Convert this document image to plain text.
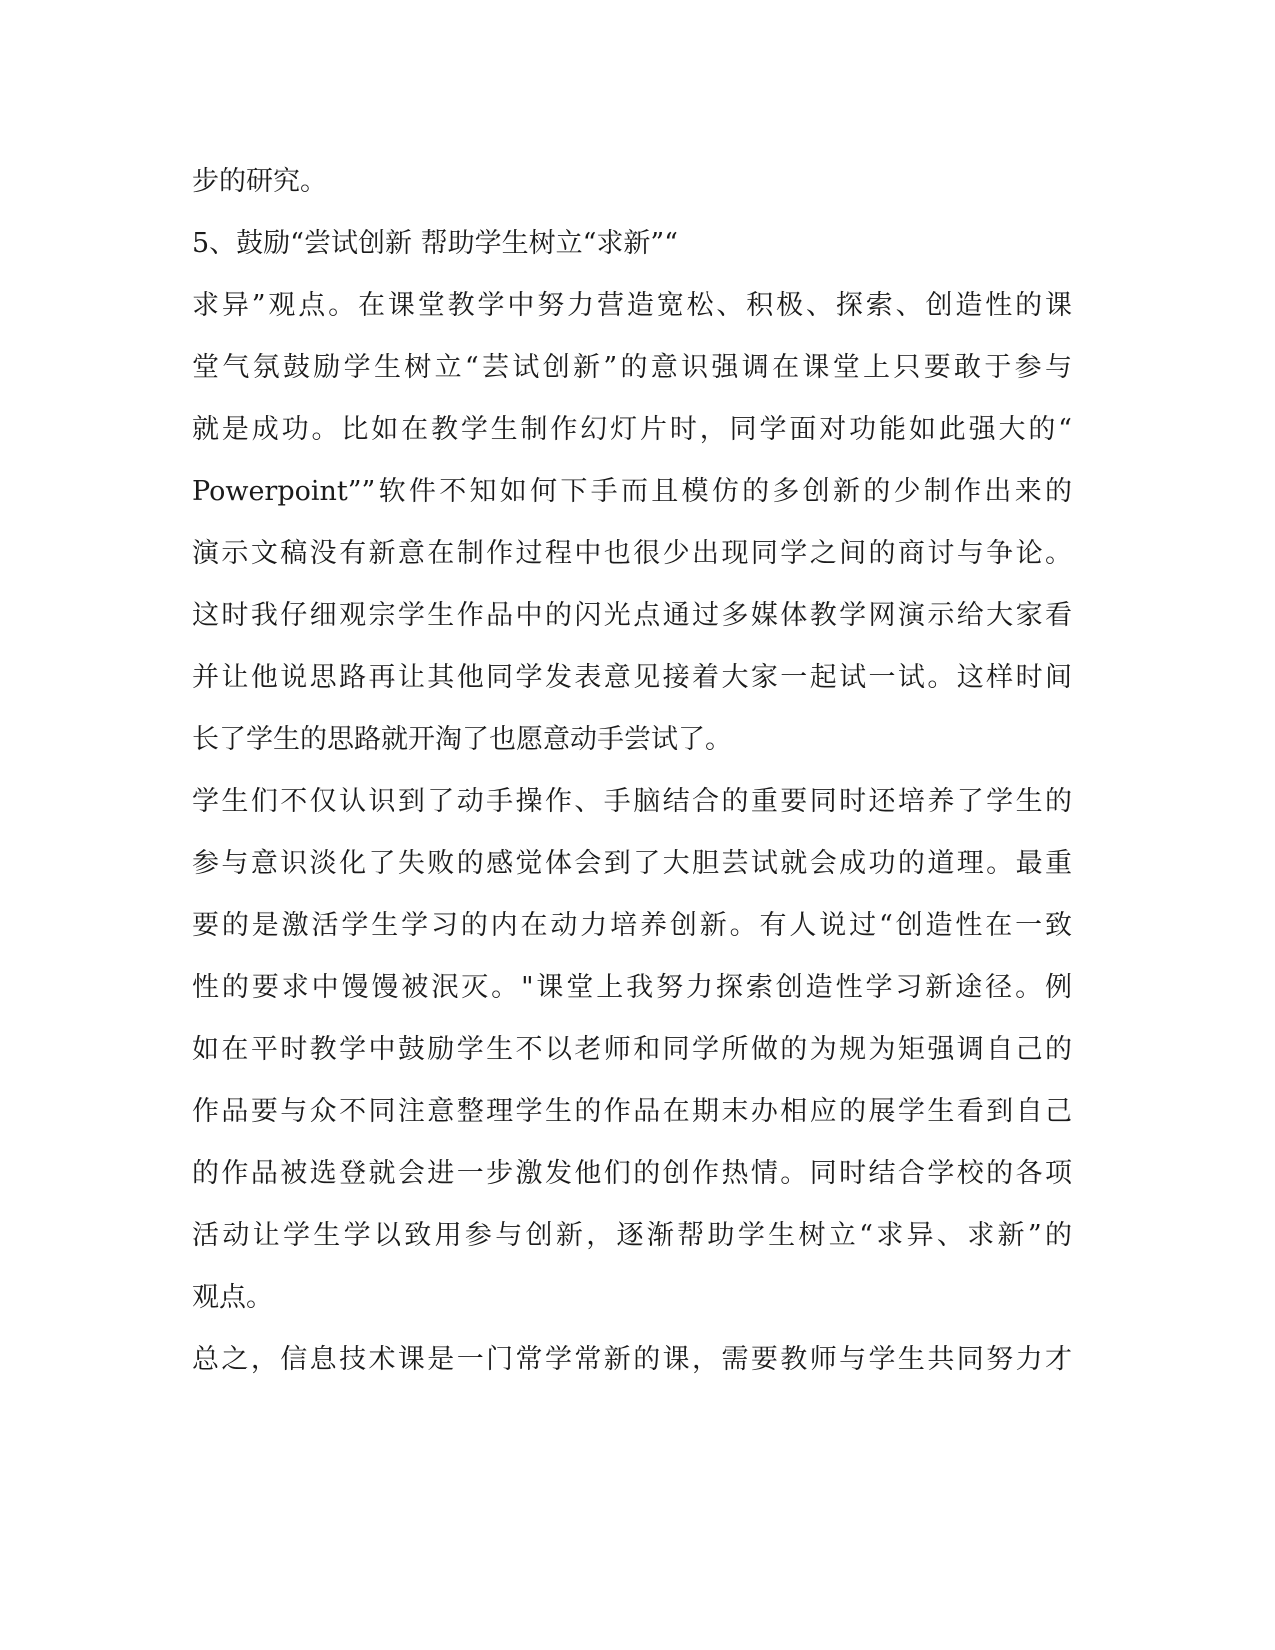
步的研究。
5、鼓励“尝试创新 帮助学生树立“求新”“
求异”观点。在课堂教学中努力营造宽松、积极、探索、创造性的课
堂气氛鼓励学生树立“芸试创新”的意识强调在课堂上只要敢于参与
就是成功。比如在教学生制作幻灯片时，同学面对功能如此强大的“
Powerpoint””软件不知如何下手而且模仿的多创新的少制作出来的
演示文稿没有新意在制作过程中也很少出现同学之间的商讨与争论。
这时我仔细观宗学生作品中的闪光点通过多媒体教学网演示给大家看
并让他说思路再让其他同学发表意见接着大家一起试一试。这样时间
长了学生的思路就开淘了也愿意动手尝试了。
学生们不仅认识到了动手操作、手脑结合的重要同时还培养了学生的
参与意识淡化了失败的感觉体会到了大胆芸试就会成功的道理。最重
要的是激活学生学习的内在动力培养创新。有人说过“创造性在一致
性的要求中馒馒被泯灭。"课堂上我努力探索创造性学习新途径。例
如在平时教学中鼓励学生不以老师和同学所做的为规为矩强调自己的
作品要与众不同注意整理学生的作品在期末办相应的展学生看到自己
的作品被选登就会进一步激发他们的创作热情。同时结合学校的各项
活动让学生学以致用参与创新，逐渐帮助学生树立“求异、求新”的
观点。
总之，信息技术课是一门常学常新的课，需要教师与学生共同努力才
